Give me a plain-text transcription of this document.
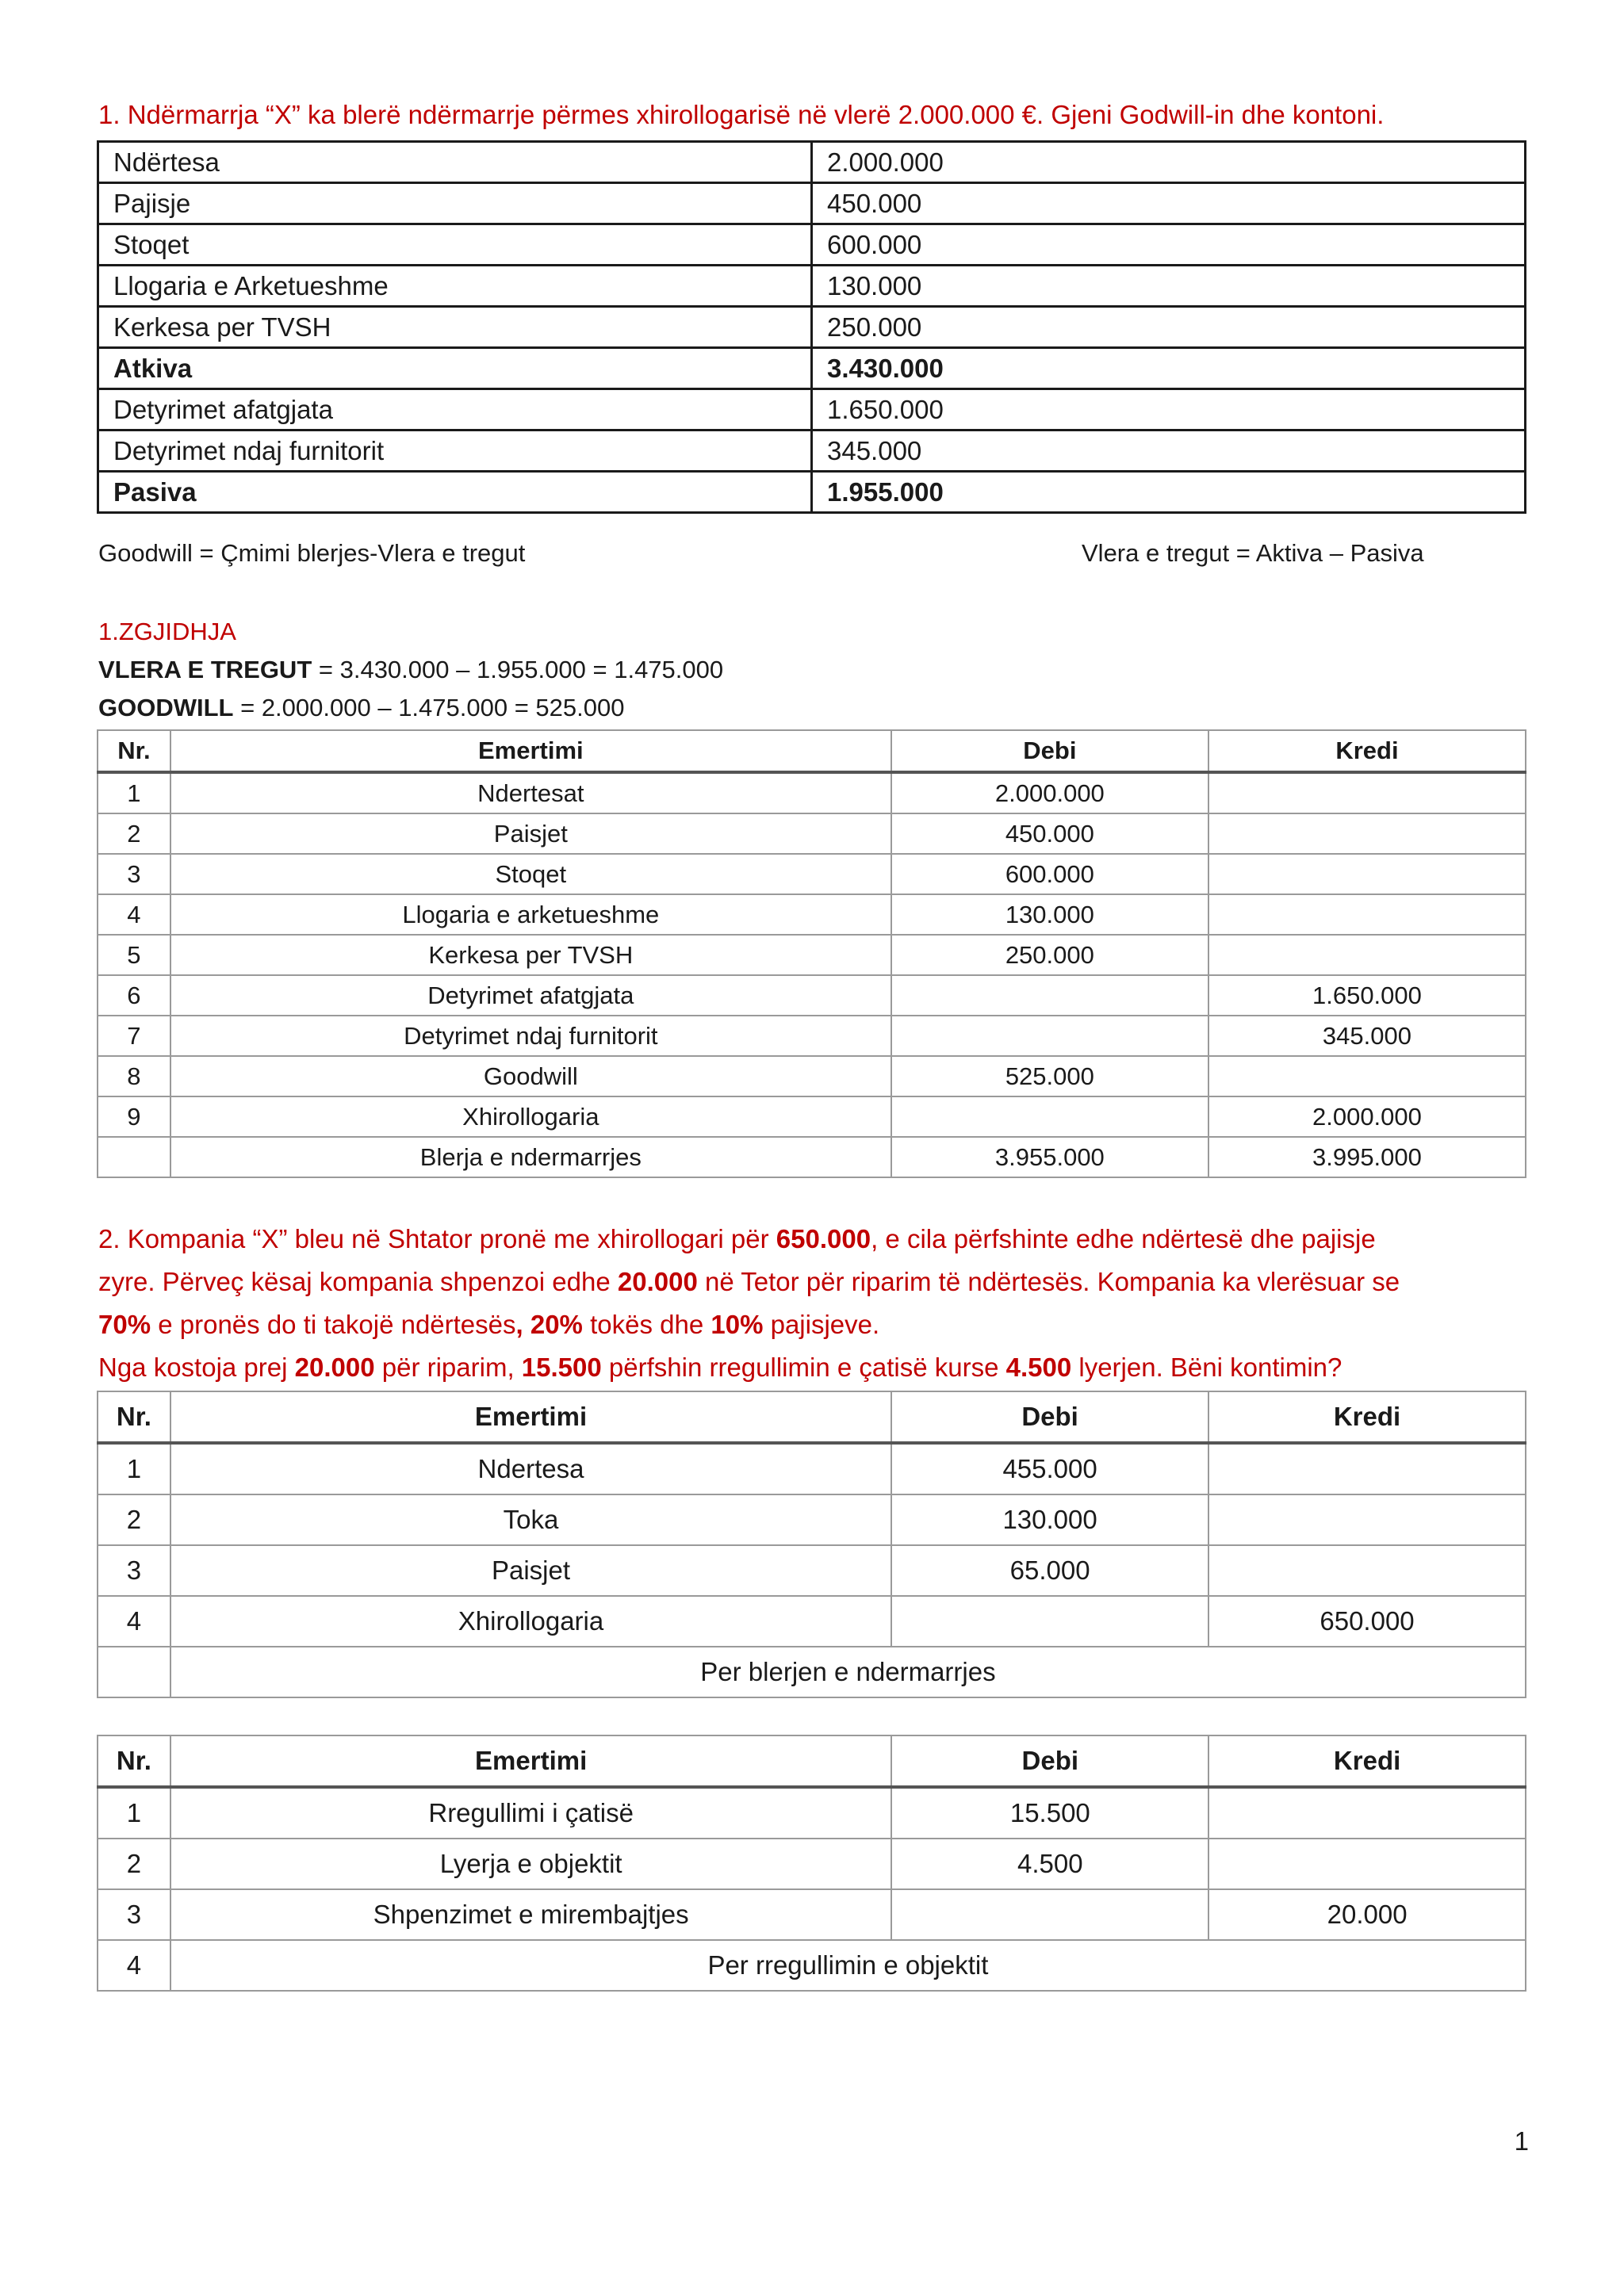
1. Ndërmarrja “X” ka blerë ndërmarrje përmes xhirollogarisë në vlerë 2.000.000 €. Gjeni Godwill-in dhe kontoni.

Ndërtesa	2.000.000
Pajisje	450.000
Stoqet	600.000
Llogaria e Arketueshme	130.000
Kerkesa per TVSH	250.000
Atkiva	3.430.000
Detyrimet afatgjata	1.650.000
Detyrimet ndaj furnitorit	345.000
Pasiva	1.955.000
Goodwill = Çmimi blerjes-Vlera e tregut	Vlera e tregut = Aktiva – Pasiva

1.ZGJIDHJA

VLERA E TREGUT = 3.430.000 – 1.955.000 = 1.475.000

GOODWILL = 2.000.000 – 1.475.000 = 525.000

Nr.	Emertimi	Debi	Kredi
1	Ndertesat	2.000.000	
2	Paisjet	450.000	
3	Stoqet	600.000	
4	Llogaria e arketueshme	130.000	
5	Kerkesa per TVSH	250.000	
6	Detyrimet afatgjata		1.650.000
7	Detyrimet ndaj furnitorit		345.000
8	Goodwill	525.000	
9	Xhirollogaria		2.000.000
	Blerja e ndermarrjes	3.955.000	3.995.000

2. Kompania “X” bleu në Shtator pronë me xhirollogari për 650.000, e cila përfshinte edhe ndërtesë dhe pajisje

zyre. Përveç kësaj kompania shpenzoi edhe 20.000 në Tetor për riparim të ndërtesës. Kompania ka vlerësuar se

70% e pronës do ti takojë ndërtesës, 20% tokës dhe 10% pajisjeve.

Nga kostoja prej 20.000 për riparim, 15.500 përfshin rregullimin e çatisë kurse 4.500 lyerjen. Bëni kontimin?

Nr.	Emertimi	Debi	Kredi
1	Ndertesa	455.000	
2	Toka	130.000	
3	Paisjet	65.000	
4	Xhirollogaria		650.000
	Per blerjen e ndermarrjes		
Nr.	Emertimi	Debi	Kredi
1	Rregullimi i çatisë	15.500	
2	Lyerja e objektit	4.500	
3	Shpenzimet e mirembajtjes		20.000
4	Per rregullimin e objektit		
1
